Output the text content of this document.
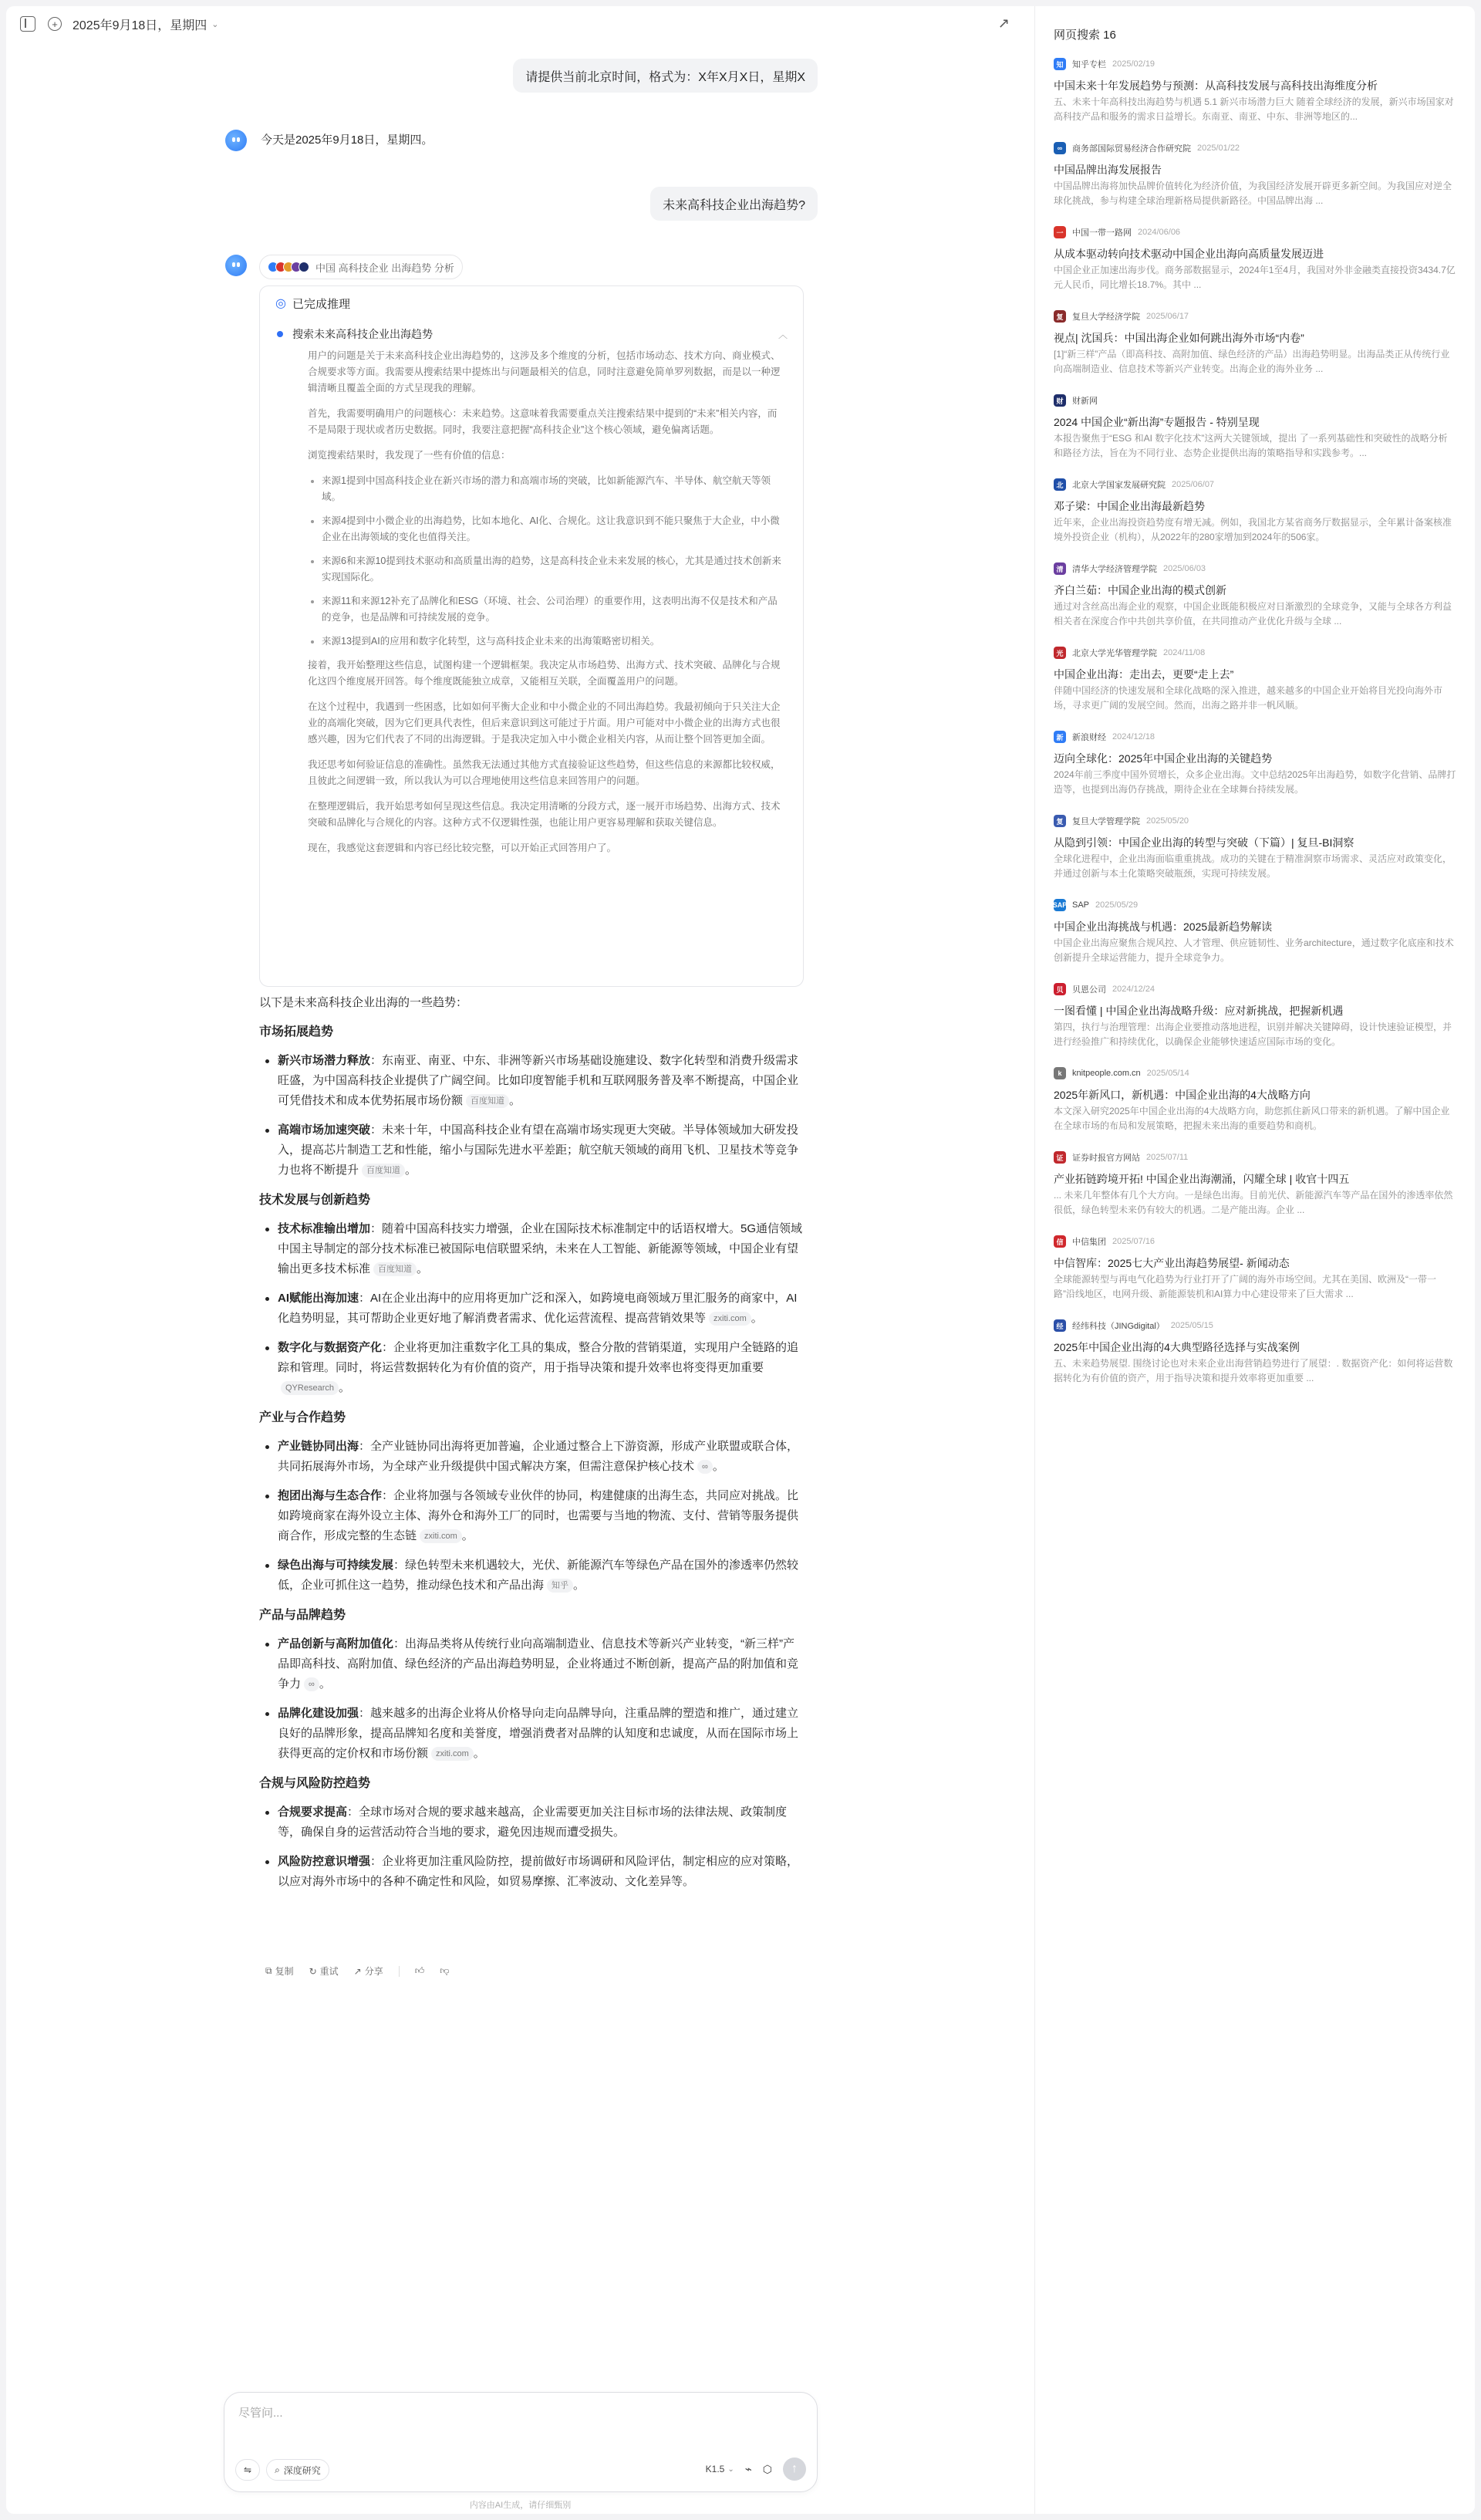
+	2025年9月18日，星期四 ⌄	↗
请提供当前北京时间，格式为：X年X月X日，星期X
今天是2025年9月18日，星期四。
未来高科技企业出海趋势?
中国 高科技企业 出海趋势 分析
◎ 已完成推理
搜索未来高科技企业出海趋势	︿

用户的问题是关于未来高科技企业出海趋势的，这涉及多个维度的分析，包括市场动态、技术方向、商业模式、合规要求等方面。我需要从搜索结果中提炼出与问题最相关的信息，同时注意避免简单罗列数据，而是以一种逻辑清晰且覆盖全面的方式呈现我的理解。

首先，我需要明确用户的问题核心：未来趋势。这意味着我需要重点关注搜索结果中提到的“未来”相关内容，而不是局限于现状或者历史数据。同时，我要注意把握“高科技企业”这个核心领域，避免偏离话题。

浏览搜索结果时，我发现了一些有价值的信息：

来源1提到中国高科技企业在新兴市场的潜力和高端市场的突破，比如新能源汽车、半导体、航空航天等领域。
来源4提到中小微企业的出海趋势，比如本地化、AI化、合规化。这让我意识到不能只聚焦于大企业，中小微企业在出海领域的变化也值得关注。
来源6和来源10提到技术驱动和高质量出海的趋势，这是高科技企业未来发展的核心，尤其是通过技术创新来实现国际化。
来源11和来源12补充了品牌化和ESG（环境、社会、公司治理）的重要作用，这表明出海不仅是技术和产品的竞争，也是品牌和可持续发展的竞争。
来源13提到AI的应用和数字化转型，这与高科技企业未来的出海策略密切相关。

接着，我开始整理这些信息，试图构建一个逻辑框架。我决定从市场趋势、出海方式、技术突破、品牌化与合规化这四个维度展开回答。每个维度既能独立成章，又能相互关联，全面覆盖用户的问题。

在这个过程中，我遇到一些困惑，比如如何平衡大企业和中小微企业的不同出海趋势。我最初倾向于只关注大企业的高端化突破，因为它们更具代表性，但后来意识到这可能过于片面。用户可能对中小微企业的出海方式也很感兴趣，因为它们代表了不同的出海逻辑。于是我决定加入中小微企业相关内容，从而让整个回答更加全面。

我还思考如何验证信息的准确性。虽然我无法通过其他方式直接验证这些趋势，但这些信息的来源都比较权威，且彼此之间逻辑一致，所以我认为可以合理地使用这些信息来回答用户的问题。

在整理逻辑后，我开始思考如何呈现这些信息。我决定用清晰的分段方式，逐一展开市场趋势、出海方式、技术突破和品牌化与合规化的内容。这种方式不仅逻辑性强，也能让用户更容易理解和获取关键信息。

现在，我感觉这套逻辑和内容已经比较完整，可以开始正式回答用户了。

以下是未来高科技企业出海的一些趋势：
市场拓展趋势
新兴市场潜力释放：东南亚、南亚、中东、非洲等新兴市场基础设施建设、数字化转型和消费升级需求旺盛，为中国高科技企业提供了广阔空间。比如印度智能手机和互联网服务普及率不断提高，中国企业可凭借技术和成本优势拓展市场份额 百度知道 。
高端市场加速突破：未来十年，中国高科技企业有望在高端市场实现更大突破。半导体领域加大研发投入，提高芯片制造工艺和性能，缩小与国际先进水平差距；航空航天领域的商用飞机、卫星技术等竞争力也将不断提升 百度知道 。
技术发展与创新趋势
技术标准输出增加：随着中国高科技实力增强，企业在国际技术标准制定中的话语权增大。5G通信领域中国主导制定的部分技术标准已被国际电信联盟采纳，未来在人工智能、新能源等领域，中国企业有望输出更多技术标准 百度知道 。
AI赋能出海加速：AI在企业出海中的应用将更加广泛和深入，如跨境电商领域万里汇服务的商家中，AI化趋势明显，其可帮助企业更好地了解消费者需求、优化运营流程、提高营销效果等 zxiti.com 。
数字化与数据资产化：企业将更加注重数字化工具的集成，整合分散的营销渠道，实现用户全链路的追踪和管理。同时，将运营数据转化为有价值的资产，用于指导决策和提升效率也将变得更加重要QYResearch 。
产业与合作趋势
产业链协同出海：全产业链协同出海将更加普遍，企业通过整合上下游资源，形成产业联盟或联合体，共同拓展海外市场，为全球产业升级提供中国式解决方案，但需注意保护核心技术 ∞ 。
抱团出海与生态合作：企业将加强与各领域专业伙伴的协同，构建健康的出海生态，共同应对挑战。比如跨境商家在海外设立主体、海外仓和海外工厂的同时，也需要与当地的物流、支付、营销等服务提供商合作，形成完整的生态链 zxiti.com 。
绿色出海与可持续发展：绿色转型未来机遇较大，光伏、新能源汽车等绿色产品在国外的渗透率仍然较低，企业可抓住这一趋势，推动绿色技术和产品出海 知乎 。
产品与品牌趋势
产品创新与高附加值化：出海品类将从传统行业向高端制造业、信息技术等新兴产业转变，“新三样”产品即高科技、高附加值、绿色经济的产品出海趋势明显，企业将通过不断创新，提高产品的附加值和竞争力 ∞ 。
品牌化建设加强：越来越多的出海企业将从价格导向走向品牌导向，注重品牌的塑造和推广，通过建立良好的品牌形象，提高品牌知名度和美誉度，增强消费者对品牌的认知度和忠诚度，从而在国际市场上获得更高的定价权和市场份额 zxiti.com 。
合规与风险防控趋势
合规要求提高：全球市场对合规的要求越来越高，企业需要更加关注目标市场的法律法规、政策制度等，确保自身的运营活动符合当地的要求，避免因违规而遭受损失。
风险防控意识增强：企业将更加注重风险防控，提前做好市场调研和风险评估，制定相应的应对策略，以应对海外市场中的各种不确定性和风险，如贸易摩擦、汇率波动、文化差异等。
⧉ 复制 ↻ 重试 ↗ 分享	👍︎ 👎︎
尽管问...
⇋	⌕ 深度研究	K1.5 ⌄ ⌁ ⬡ ↑
内容由AI生成，请仔细甄别
网页搜索 16
知	知乎专栏 2025/02/19
中国未来十年发展趋势与预测：从高科技发展与高科技出海维度分析
五、未来十年高科技出海趋势与机遇 5.1 新兴市场潜力巨大 随着全球经济的发展，新兴市场国家对高科技产品和服务的需求日益增长。东南亚、南亚、中东、非洲等地区的...
∞	商务部国际贸易经济合作研究院 2025/01/22
中国品牌出海发展报告
中国品牌出海将加快品牌价值转化为经济价值，为我国经济发展开辟更多新空间。为我国应对逆全球化挑战，参与构建全球治理新格局提供新路径。中国品牌出海 ...
一	中国一带一路网 2024/06/06
从成本驱动转向技术驱动中国企业出海向高质量发展迈进
中国企业正加速出海步伐。商务部数据显示，2024年1至4月，我国对外非金融类直接投资3434.7亿元人民币，同比增长18.7%。其中 ...
复	复旦大学经济学院 2025/06/17
视点| 沈国兵：中国出海企业如何跳出海外市场“内卷”
[1]“新三样”产品（即高科技、高附加值、绿色经济的产品）出海趋势明显。出海品类正从传统行业向高端制造业、信息技术等新兴产业转变。出海企业的海外业务 ...
财	财新网
2024 中国企业“新出海”专题报告 - 特别呈现
本报告聚焦于“ESG 和AI 数字化技术”这两大关键领域，提出 了一系列基础性和突破性的战略分析和路径方法，旨在为不同行业、态势企业提供出海的策略指导和实践参考。...
北	北京大学国家发展研究院 2025/06/07
邓子梁：中国企业出海最新趋势
近年来，企业出海投资趋势度有增无减。例如，我国北方某省商务厅数据显示，全年累计备案核准境外投资企业（机构），从2022年的280家增加到2024年的506家。
清	清华大学经济管理学院 2025/06/03
齐白兰茹：中国企业出海的模式创新
通过对含丝高出海企业的观察，中国企业既能积极应对日渐激烈的全球竞争，又能与全球各方利益相关者在深度合作中共创共享价值，在共同推动产业优化升级与全球 ...
光	北京大学光华管理学院 2024/11/08
中国企业出海：走出去，更要“走上去”
伴随中国经济的快速发展和全球化战略的深入推进，越来越多的中国企业开始将目光投向海外市场，寻求更广阔的发展空间。然而，出海之路并非一帆风顺。
新	新浪财经 2024/12/18
迈向全球化：2025年中国企业出海的关键趋势
2024年前三季度中国外贸增长，众多企业出海。文中总结2025年出海趋势，如数字化营销、品牌打造等，也提到出海仍存挑战，期待企业在全球舞台持续发展。
复	复旦大学管理学院 2025/05/20
从隐到引领：中国企业出海的转型与突破（下篇）| 复旦-BI洞察
全球化进程中，企业出海面临重重挑战。成功的关键在于精准洞察市场需求、灵活应对政策变化，并通过创新与本土化策略突破瓶颈，实现可持续发展。
SAP SAP 2025/05/29
中国企业出海挑战与机遇：2025最新趋势解读
中国企业出海应聚焦合规风控、人才管理、供应链韧性、业务architecture，通过数字化底座和技术创新提升全球运营能力，提升全球竞争力。
贝	贝恩公司 2024/12/24
一图看懂 | 中国企业出海战略升级：应对新挑战，把握新机遇
第四，执行与治理管理：出海企业要推动落地进程，识别并解决关键障碍，设计快速验证模型，并进行经验推广和持续优化，以确保企业能够快速适应国际市场的变化。
k	knitpeople.com.cn 2025/05/14
2025年新风口，新机遇：中国企业出海的4大战略方向
本文深入研究2025年中国企业出海的4大战略方向，助您抓住新风口带来的新机遇。了解中国企业在全球市场的布局和发展策略，把握未来出海的重要趋势和商机。
证	证券时报官方网站 2025/07/11
产业拓链跨境开拓! 中国企业出海潮涌，闪耀全球 | 收官十四五
... 未来几年整体有几个大方向。一是绿色出海。目前光伏、新能源汽车等产品在国外的渗透率依然很低，绿色转型未来仍有较大的机遇。二是产能出海。企业 ...
信	中信集团 2025/07/16
中信智库：2025七大产业出海趋势展望- 新闻动态
全球能源转型与再电气化趋势为行业打开了广阔的海外市场空间。尤其在美国、欧洲及“一带一路”沿线地区，电网升级、新能源装机和AI算力中心建设带来了巨大需求 ...
经	经纬科技（JINGdigital） 2025/05/15
2025年中国企业出海的4大典型路径选择与实战案例
五、未来趋势展望. 围绕讨论也对未来企业出海营销趋势进行了展望：. 数据资产化：如何将运营数据转化为有价值的资产，用于指导决策和提升效率将更加重要 ...
